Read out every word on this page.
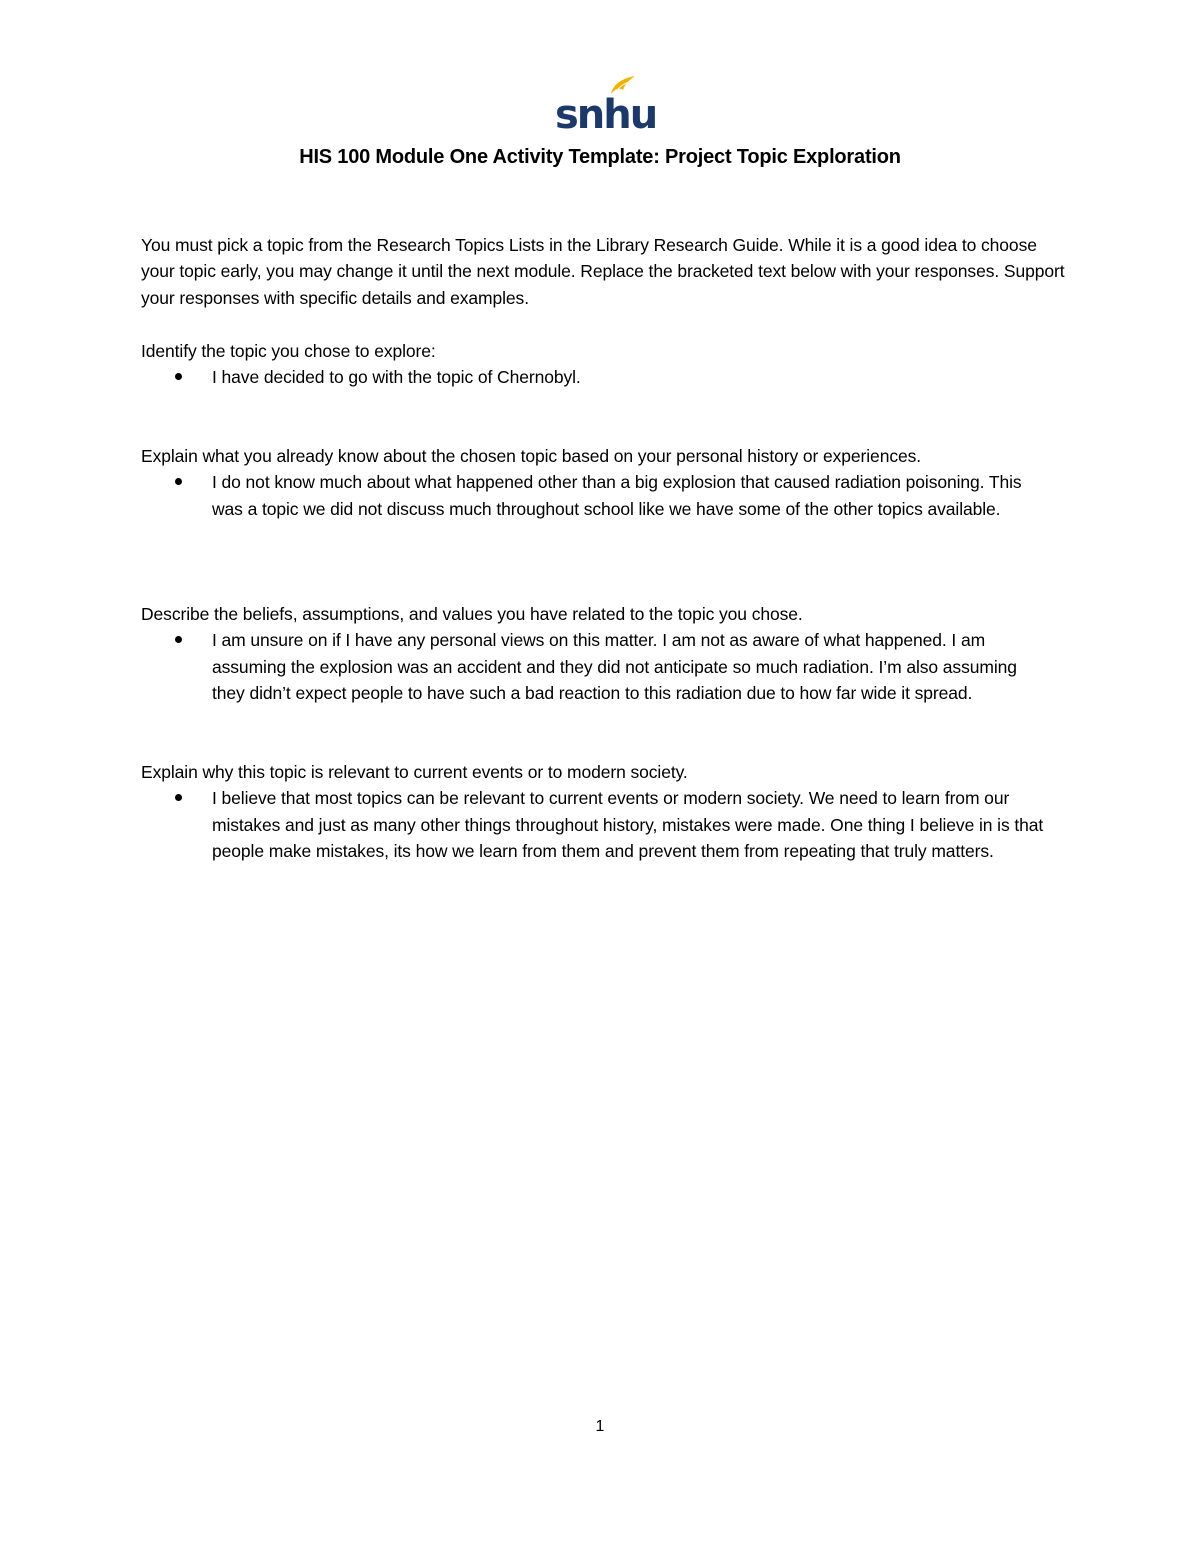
snhu
HIS 100 Module One Activity Template: Project Topic Exploration

You must pick a topic from the Research Topics Lists in the Library Research Guide. While it is a good idea to choose your topic early, you may change it until the next module. Replace the bracketed text below with your responses. Support your responses with specific details and examples.

Identify the topic you chose to explore:

I have decided to go with the topic of Chernobyl.

Explain what you already know about the chosen topic based on your personal history or experiences.

I do not know much about what happened other than a big explosion that caused radiation poisoning. This was a topic we did not discuss much throughout school like we have some of the other topics available.

Describe the beliefs, assumptions, and values you have related to the topic you chose.

I am unsure on if I have any personal views on this matter. I am not as aware of what happened. I am assuming the explosion was an accident and they did not anticipate so much radiation. I’m also assuming they didn’t expect people to have such a bad reaction to this radiation due to how far wide it spread.

Explain why this topic is relevant to current events or to modern society.

I believe that most topics can be relevant to current events or modern society. We need to learn from our mistakes and just as many other things throughout history, mistakes were made. One thing I believe in is that people make mistakes, its how we learn from them and prevent them from repeating that truly matters.
1
